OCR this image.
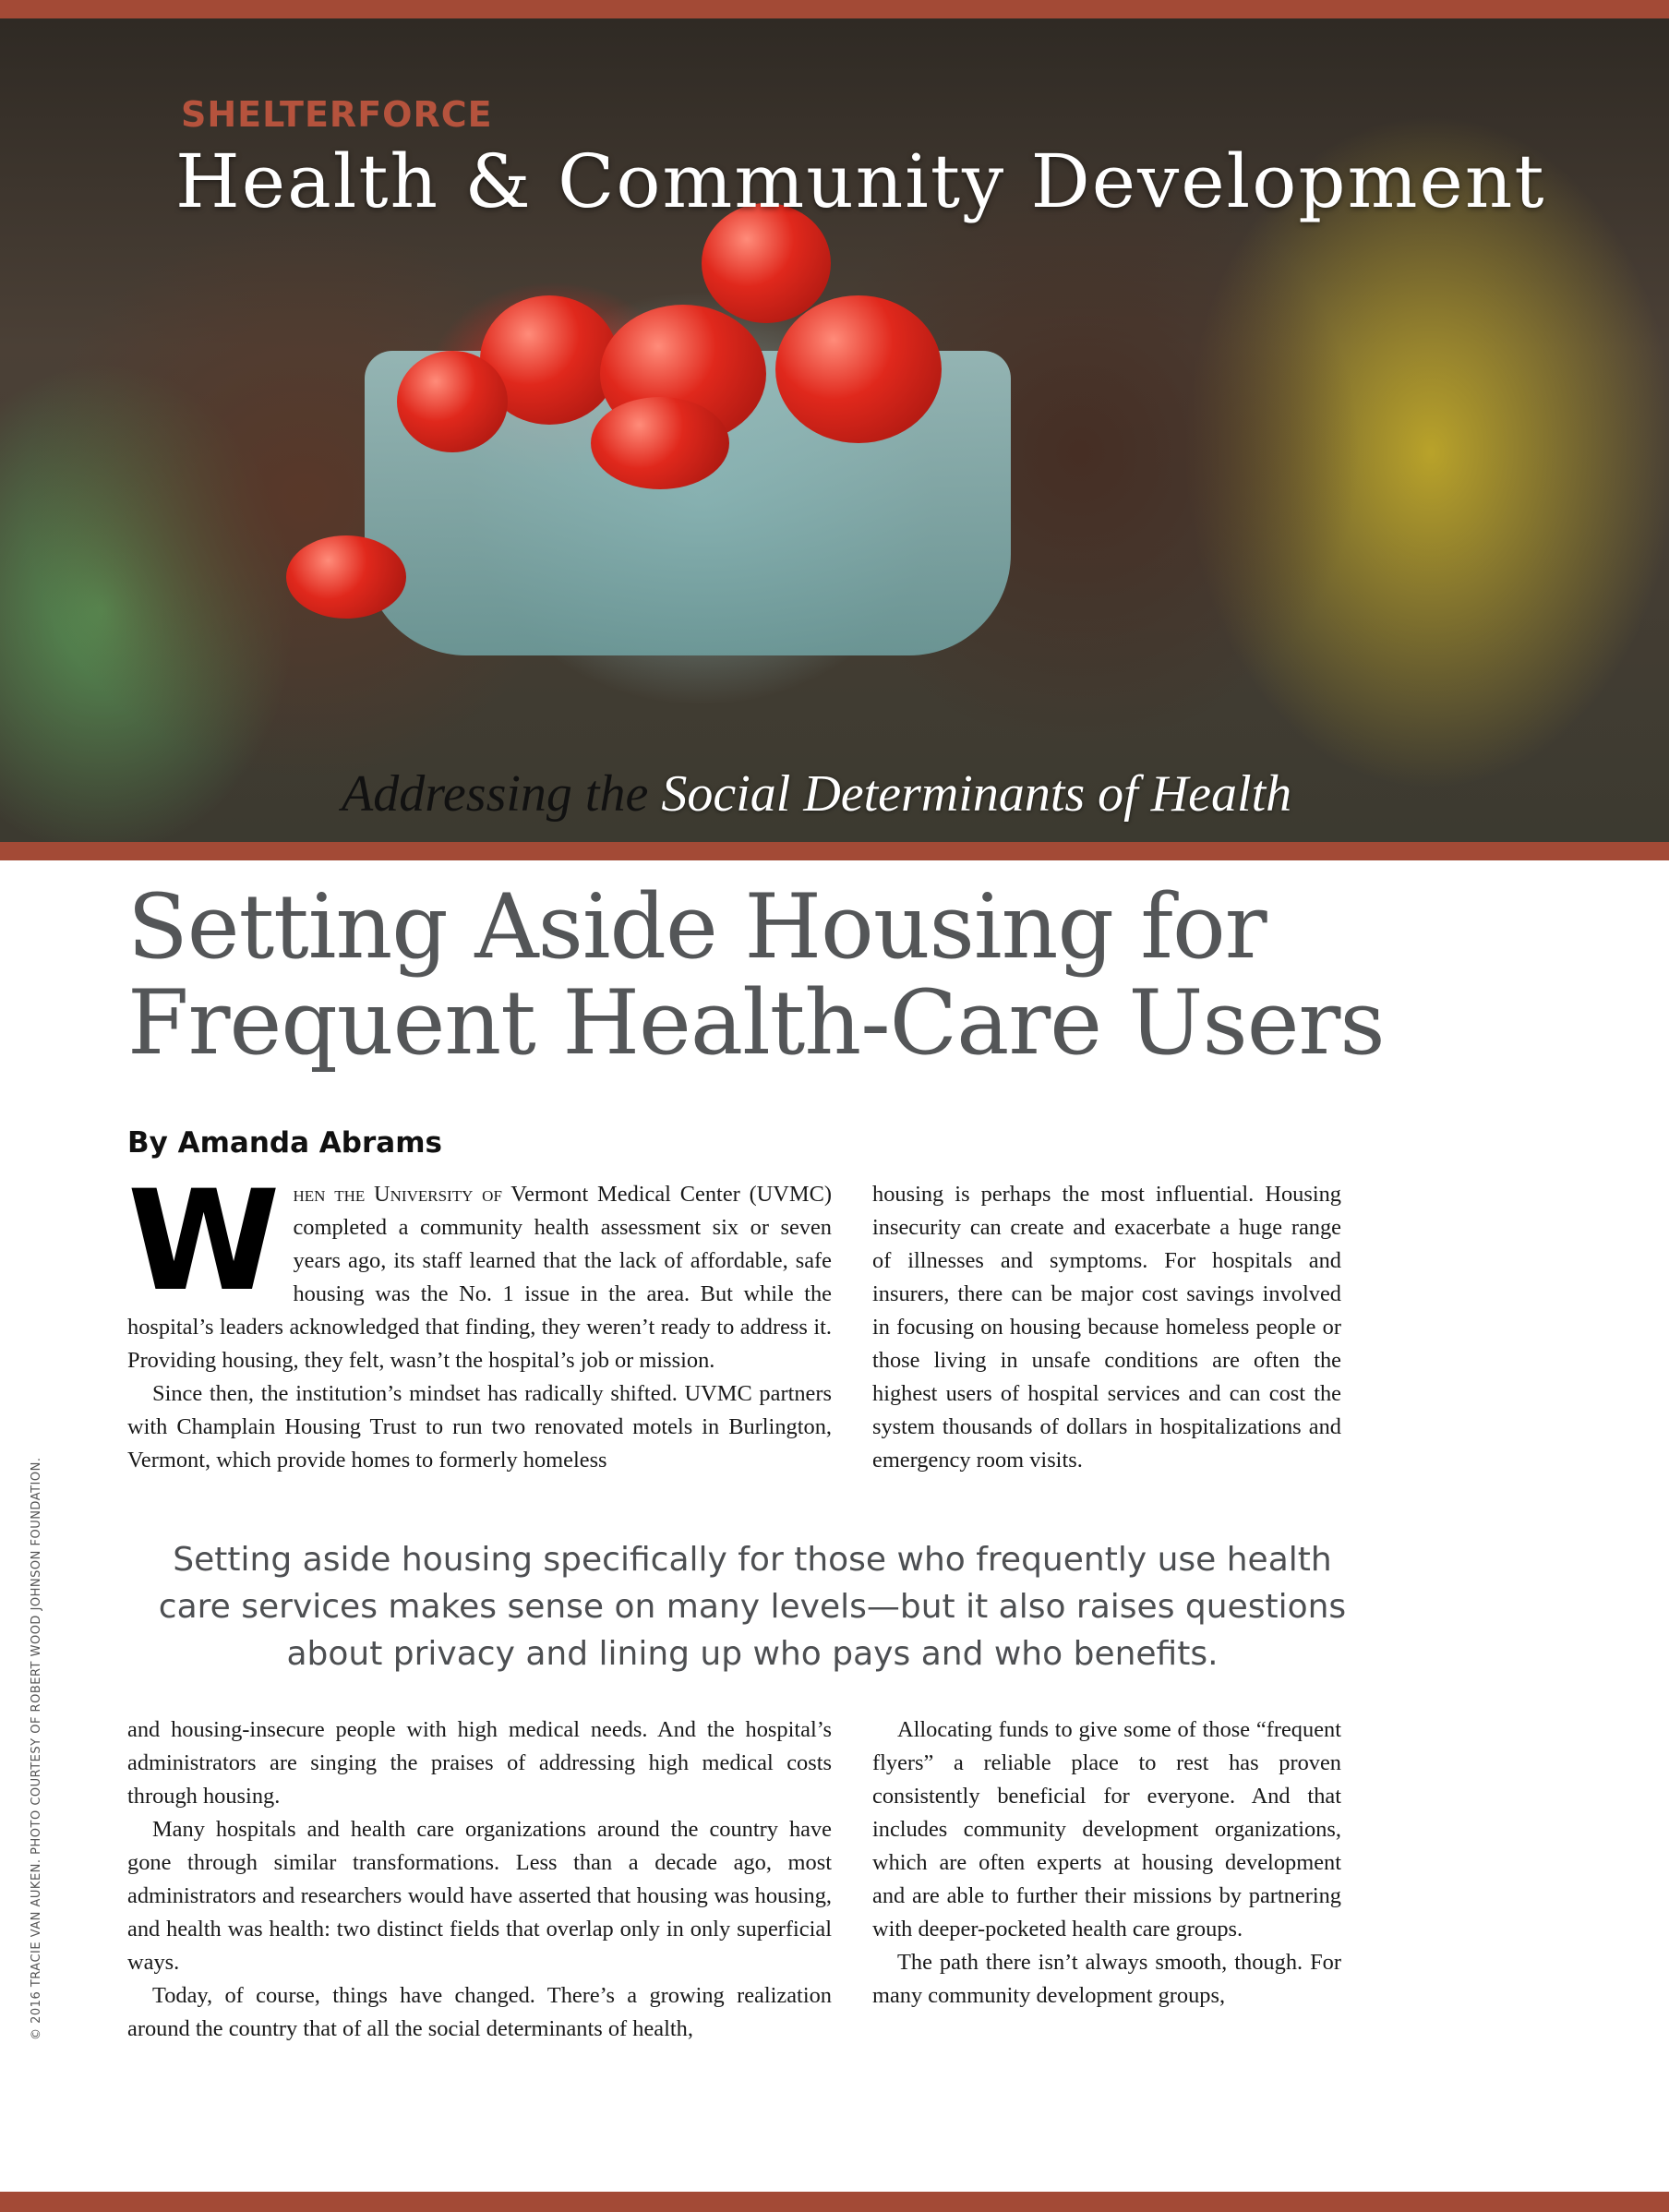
SHELTERFORCE
Health & Community Development
Addressing the Social Determinants of Health
Setting Aside Housing for
Frequent Health-Care Users
By Amanda Abrams

When the University of Vermont Medical Center (UVMC) completed a community health assessment six or seven years ago, its staff learned that the lack of affordable, safe housing was the No. 1 issue in the area. But while the hospital’s leaders acknowledged that finding, they weren’t ready to address it. Providing housing, they felt, wasn’t the hospital’s job or mission.

Since then, the institution’s mindset has radically shifted. UVMC partners with Champlain Housing Trust to run two renovated motels in Burlington, Vermont, which provide homes to formerly homeless

housing is perhaps the most influential. Housing insecurity can create and exacerbate a huge range of illnesses and symptoms. For hospitals and insurers, there can be major cost savings involved in focusing on housing because homeless people or those living in unsafe conditions are often the highest users of hospital services and can cost the system thousands of dollars in hospitalizations and emergency room visits.

Setting aside housing specifically for those who frequently use health care services makes sense on many levels—but it also raises questions about privacy and lining up who pays and who benefits.

and housing-insecure people with high medical needs. And the hospital’s administrators are singing the praises of addressing high medical costs through housing.

Many hospitals and health care organizations around the country have gone through similar transformations. Less than a decade ago, most administrators and researchers would have asserted that housing was housing, and health was health: two distinct fields that overlap only in only superficial ways.

Today, of course, things have changed. There’s a growing realization around the country that of all the social determinants of health,

Allocating funds to give some of those “frequent flyers” a reliable place to rest has proven consistently beneficial for everyone. And that includes community development organizations, which are often experts at housing development and are able to further their missions by partnering with deeper-pocketed health care groups.

The path there isn’t always smooth, though. For many community development groups,

© 2016 TRACIE VAN AUKEN. PHOTO COURTESY OF ROBERT WOOD JOHNSON FOUNDATION.
